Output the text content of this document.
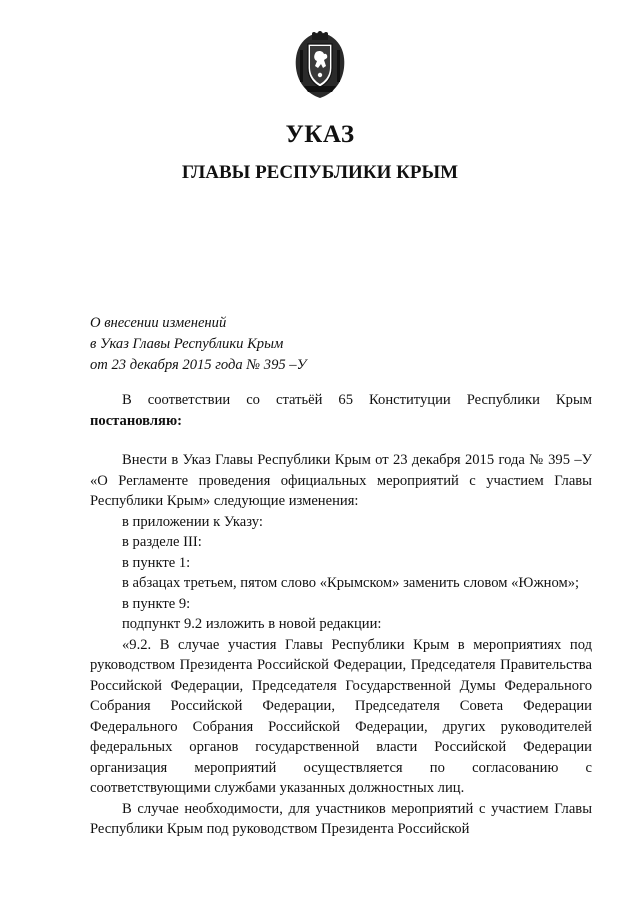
УКАЗ
ГЛАВЫ РЕСПУБЛИКИ КРЫМ
О внесении изменений
в Указ Главы Республики Крым
от 23 декабря 2015 года № 395 –У

В соответствии со статьёй 65 Конституции Республики Крым постановляю:

Внести в Указ Главы Республики Крым от 23 декабря 2015 года № 395 –У «О Регламенте проведения официальных мероприятий с участием Главы Республики Крым» следующие изменения:

в приложении к Указу:

в разделе III:

в пункте 1:

в абзацах третьем, пятом слово «Крымском» заменить словом «Южном»;

в пункте 9:

подпункт 9.2 изложить в новой редакции:

«9.2. В случае участия Главы Республики Крым в мероприятиях под руководством Президента Российской Федерации, Председателя Правительства Российской Федерации, Председателя Государственной Думы Федерального Собрания Российской Федерации, Председателя Совета Федерации Федерального Собрания Российской Федерации, других руководителей федеральных органов государственной власти Российской Федерации организация мероприятий осуществляется по согласованию с соответствующими службами указанных должностных лиц.

В случае необходимости, для участников мероприятий с участием Главы Республики Крым под руководством Президента Российской
